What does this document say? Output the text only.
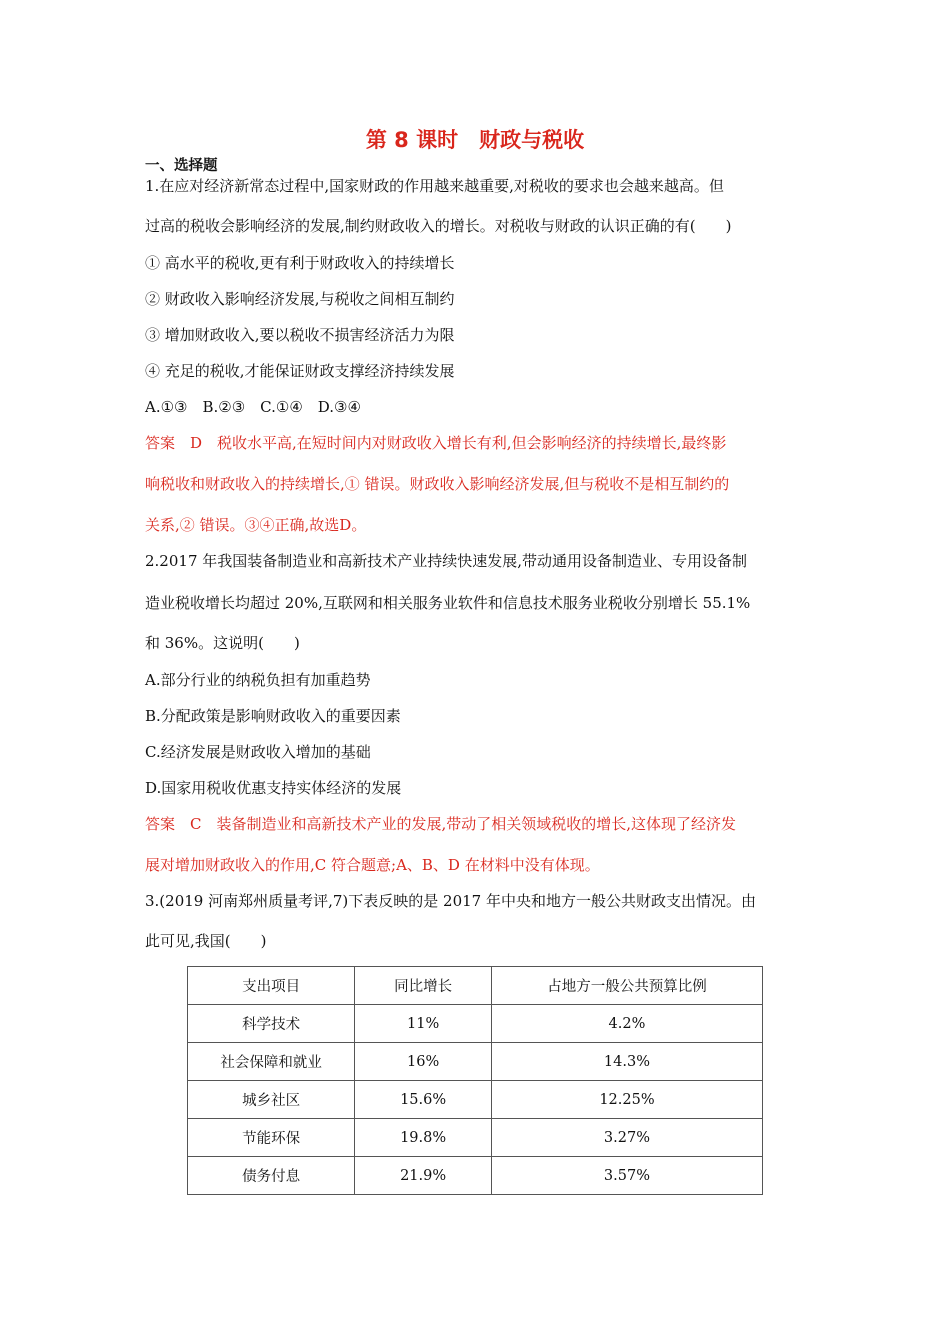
第 8 课时　财政与税收
一、选择题
1.在应对经济新常态过程中,国家财政的作用越来越重要,对税收的要求也会越来越高。但
过高的税收会影响经济的发展,制约财政收入的增长。对税收与财政的认识正确的有(　　)
① 高水平的税收,更有利于财政收入的持续增长
② 财政收入影响经济发展,与税收之间相互制约
③ 增加财政收入,要以税收不损害经济活力为限
④ 充足的税收,才能保证财政支撑经济持续发展
A.①③　B.②③　C.①④　D.③④
答案　D　税收水平高,在短时间内对财政收入增长有利,但会影响经济的持续增长,最终影
响税收和财政收入的持续增长,① 错误。财政收入影响经济发展,但与税收不是相互制约的
关系,② 错误。③④正确,故选D。
2.2017 年我国装备制造业和高新技术产业持续快速发展,带动通用设备制造业、专用设备制
造业税收增长均超过 20%,互联网和相关服务业软件和信息技术服务业税收分别增长 55.1%
和 36%。这说明(　　)
A.部分行业的纳税负担有加重趋势
B.分配政策是影响财政收入的重要因素
C.经济发展是财政收入增加的基础
D.国家用税收优惠支持实体经济的发展
答案　C　装备制造业和高新技术产业的发展,带动了相关领域税收的增长,这体现了经济发
展对增加财政收入的作用,C 符合题意;A、B、D 在材料中没有体现。
3.(2019 河南郑州质量考评,7)下表反映的是 2017 年中央和地方一般公共财政支出情况。由
此可见,我国(　　)
支出项目	同比增长	占地方一般公共预算比例
科学技术	11%	4.2%
社会保障和就业	16%	14.3%
城乡社区	15.6%	12.25%
节能环保	19.8%	3.27%
债务付息	21.9%	3.57%
